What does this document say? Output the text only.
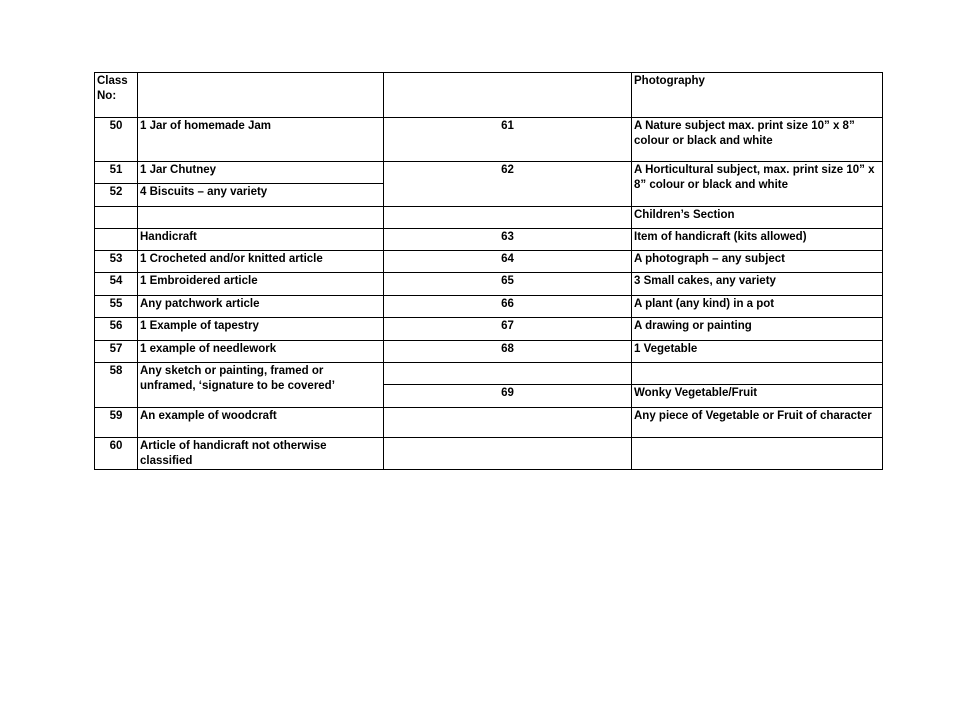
Class No:			Photography
50	1 Jar of homemade Jam	61	A Nature subject max. print size 10” x 8” colour or black and white
51	1 Jar Chutney	62	A Horticultural subject, max. print size 10” x 8” colour or black and white
52	4 Biscuits – any variety		
			Children’s Section
	Handicraft	63	Item of handicraft (kits allowed)
53	1 Crocheted and/or knitted article	64	A photograph – any subject
54	1 Embroidered article	65	3 Small cakes, any variety
55	Any patchwork article	66	A plant (any kind) in a pot
56	1 Example of tapestry	67	A drawing or painting
57	1 example of needlework	68	1 Vegetable
58	Any sketch or painting, framed or unframed, ‘signature to be covered’		
		69	Wonky Vegetable/Fruit
59	An example of woodcraft		Any piece of Vegetable or Fruit of character
60	Article of handicraft not otherwise classified		
